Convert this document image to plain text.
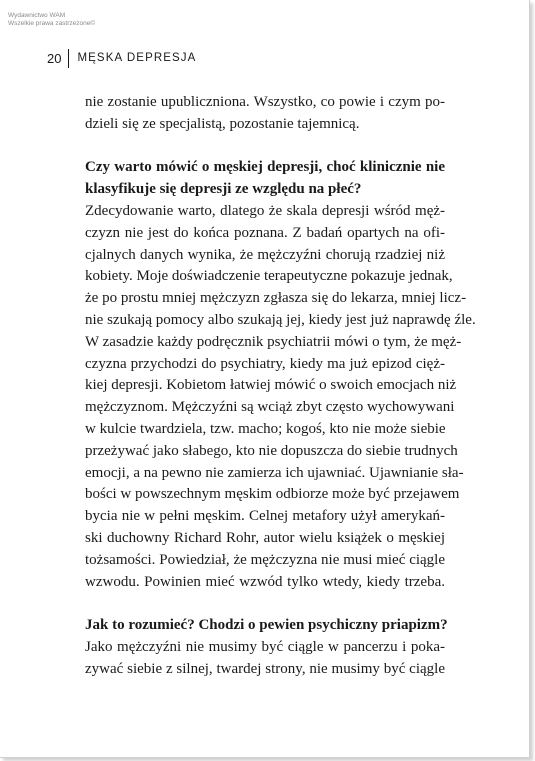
Wydawnictwo WAM
Wszelkie prawa zastrzeżone©
20 MĘSKA DEPRESJA
nie zostanie upubliczniona. Wszystko, co powie i czym po-
dzieli się ze specjalistą, pozostanie tajemnicą.
Czy warto mówić o męskiej depresji, choć klinicznie nie
klasyfikuje się depresji ze względu na płeć?
Zdecydowanie warto, dlatego że skala depresji wśród męż-
czyzn nie jest do końca poznana. Z badań opartych na ofi-
cjalnych danych wynika, że mężczyźni chorują rzadziej niż
kobiety. Moje doświadczenie terapeutyczne pokazuje jednak,
że po prostu mniej mężczyzn zgłasza się do lekarza, mniej licz-
nie szukają pomocy albo szukają jej, kiedy jest już naprawdę źle.
W zasadzie każdy podręcznik psychiatrii mówi o tym, że męż-
czyzna przychodzi do psychiatry, kiedy ma już epizod cięż-
kiej depresji. Kobietom łatwiej mówić o swoich emocjach niż
mężczyznom. Mężczyźni są wciąż zbyt często wychowywani
w kulcie twardziela, tzw. macho; kogoś, kto nie może siebie
przeżywać jako słabego, kto nie dopuszcza do siebie trudnych
emocji, a na pewno nie zamierza ich ujawniać. Ujawnianie sła-
bości w powszechnym męskim odbiorze może być przejawem
bycia nie w pełni męskim. Celnej metafory użył amerykań-
ski duchowny Richard Rohr, autor wielu książek o męskiej
tożsamości. Powiedział, że mężczyzna nie musi mieć ciągle
wzwodu. Powinien mieć wzwód tylko wtedy, kiedy trzeba.
Jak to rozumieć? Chodzi o pewien psychiczny priapizm?
Jako mężczyźni nie musimy być ciągle w pancerzu i poka-
zywać siebie z silnej, twardej strony, nie musimy być ciągle
